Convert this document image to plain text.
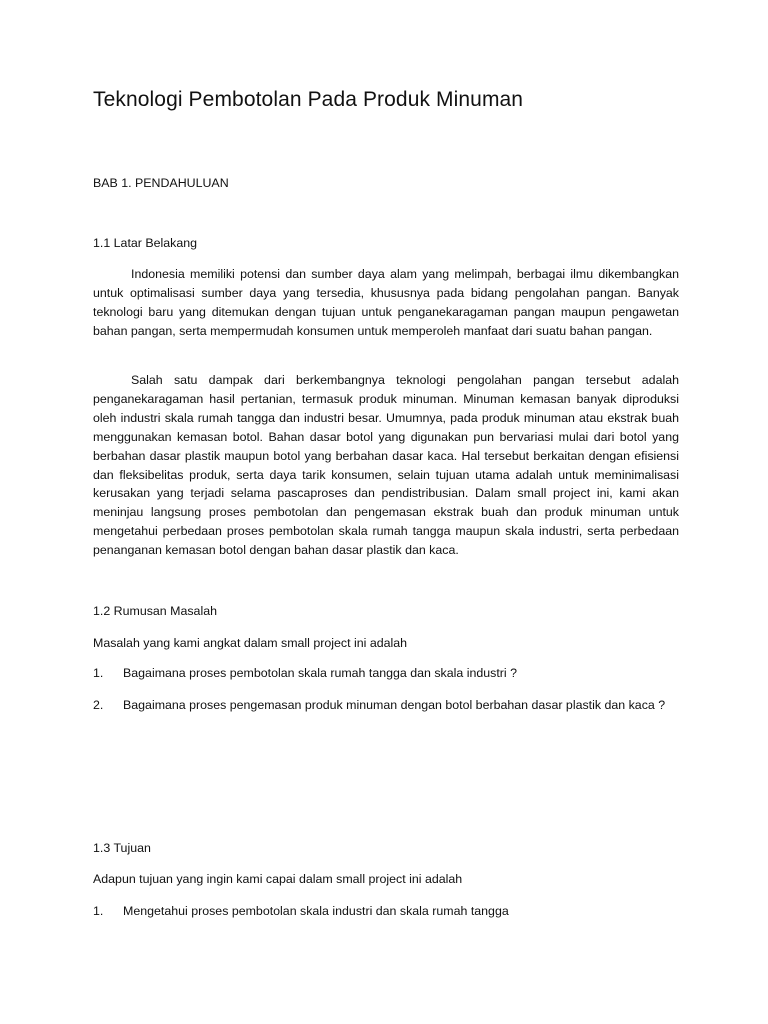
Teknologi Pembotolan Pada Produk Minuman

BAB 1. PENDAHULUAN

1.1 Latar Belakang

Indonesia memiliki potensi dan sumber daya alam yang melimpah, berbagai ilmu dikembangkan untuk optimalisasi sumber daya yang tersedia, khususnya pada bidang pengolahan pangan. Banyak teknologi baru yang ditemukan dengan tujuan untuk penganekaragaman pangan maupun pengawetan bahan pangan, serta mempermudah konsumen untuk memperoleh manfaat dari suatu bahan pangan.

Salah satu dampak dari berkembangnya teknologi pengolahan pangan tersebut adalah penganekaragaman hasil pertanian, termasuk produk minuman. Minuman kemasan banyak diproduksi oleh industri skala rumah tangga dan industri besar. Umumnya, pada produk minuman atau ekstrak buah menggunakan kemasan botol. Bahan dasar botol yang digunakan pun bervariasi mulai dari botol yang berbahan dasar plastik maupun botol yang berbahan dasar kaca. Hal tersebut berkaitan dengan efisiensi dan fleksibelitas produk, serta daya tarik konsumen, selain tujuan utama adalah untuk meminimalisasi kerusakan yang terjadi selama pascaproses dan pendistribusian. Dalam small project ini, kami akan meninjau langsung proses pembotolan dan pengemasan ekstrak buah dan produk minuman untuk mengetahui perbedaan proses pembotolan skala rumah tangga maupun skala industri, serta perbedaan penanganan kemasan botol dengan bahan dasar plastik dan kaca.

1.2 Rumusan Masalah

Masalah yang kami angkat dalam small project ini adalah

1. Bagaimana proses pembotolan skala rumah tangga dan skala industri ?

2. Bagaimana proses pengemasan produk minuman dengan botol berbahan dasar plastik dan kaca ?

1.3 Tujuan

Adapun tujuan yang ingin kami capai dalam small project ini adalah

1. Mengetahui proses pembotolan skala industri dan skala rumah tangga
